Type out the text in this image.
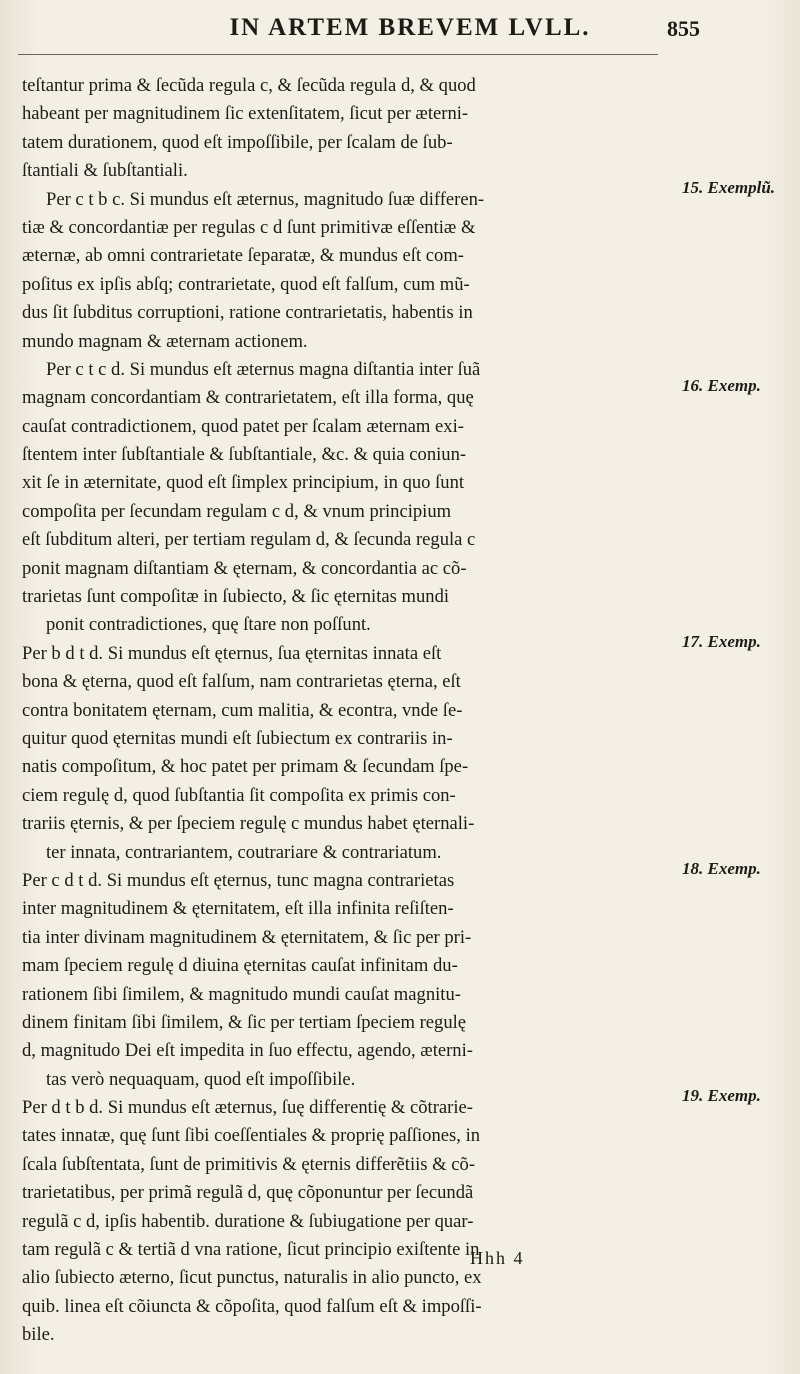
IN ARTEM BREVEM LVLL.	855
teſtantur prima & ſecũda regula c, & ſecũda regula d, & quod
habeant per magnitudinem ſic extenſitatem, ſicut per æterni-
tatem durationem, quod eſt impoſſibile, per ſcalam de ſub-
ſtantiali & ſubſtantiali.
Per c t b c. Si mundus eſt æternus, magnitudo ſuæ differen-
tiæ & concordantiæ per regulas c d ſunt primitivæ eſſentiæ &
æternæ, ab omni contrarietate ſeparatæ, & mundus eſt com-
poſitus ex ipſis abſq; contrarietate, quod eſt falſum, cum mũ-
dus ſit ſubditus corruptioni, ratione contrarietatis, habentis in
mundo magnam & æternam actionem.
Per c t c d. Si mundus eſt æternus magna diſtantia inter ſuã
magnam concordantiam & contrarietatem, eſt illa forma, quę
cauſat contradictionem, quod patet per ſcalam æternam exi-
ſtentem inter ſubſtantiale & ſubſtantiale, &c. & quia coniun-
xit ſe in æternitate, quod eſt ſimplex principium, in quo ſunt
compoſita per ſecundam regulam c d, & vnum principium
eſt ſubditum alteri, per tertiam regulam d, & ſecunda regula c
ponit magnam diſtantiam & ęternam, & concordantia ac cõ-
trarietas ſunt compoſitæ in ſubiecto, & ſic ęternitas mundi
ponit contradictiones, quę ſtare non poſſunt.
Per b d t d. Si mundus eſt ęternus, ſua ęternitas innata eſt
bona & ęterna, quod eſt falſum, nam contrarietas ęterna, eſt
contra bonitatem ęternam, cum malitia, & econtra, vnde ſe-
quitur quod ęternitas mundi eſt ſubiectum ex contrariis in-
natis compoſitum, & hoc patet per primam & ſecundam ſpe-
ciem regulę d, quod ſubſtantia ſit compoſita ex primis con-
trariis ęternis, & per ſpeciem regulę c mundus habet ęternali-
ter innata, contrariantem, coutrariare & contrariatum.
Per c d t d. Si mundus eſt ęternus, tunc magna contrarietas
inter magnitudinem & ęternitatem, eſt illa infinita reſiſten-
tia inter divinam magnitudinem & ęternitatem, & ſic per pri-
mam ſpeciem regulę d diuina ęternitas cauſat infinitam du-
rationem ſibi ſimilem, & magnitudo mundi cauſat magnitu-
dinem finitam ſibi ſimilem, & ſic per tertiam ſpeciem regulę
d, magnitudo Dei eſt impedita in ſuo effectu, agendo, æterni-
tas verò nequaquam, quod eſt impoſſibile.
Per d t b d. Si mundus eſt æternus, ſuę differentię & cõtrarie-
tates innatæ, quę ſunt ſibi coeſſentiales & proprię paſſiones, in
ſcala ſubſtentata, ſunt de primitivis & ęternis differẽtiis & cõ-
trarietatibus, per primã regulã d, quę cõponuntur per ſecundã
regulã c d, ipſis habentib. duratione & ſubiugatione per quar-
tam regulã c & tertiã d vna ratione, ſicut principio exiſtente in
alio ſubiecto æterno, ſicut punctus, naturalis in alio puncto, ex
quib. linea eſt cõiuncta & cõpoſita, quod falſum eſt & impoſſi-
bile.
15. Exemplũ.
16. Exemp.
17. Exemp.
18. Exemp.
19. Exemp.
Hhh 4
